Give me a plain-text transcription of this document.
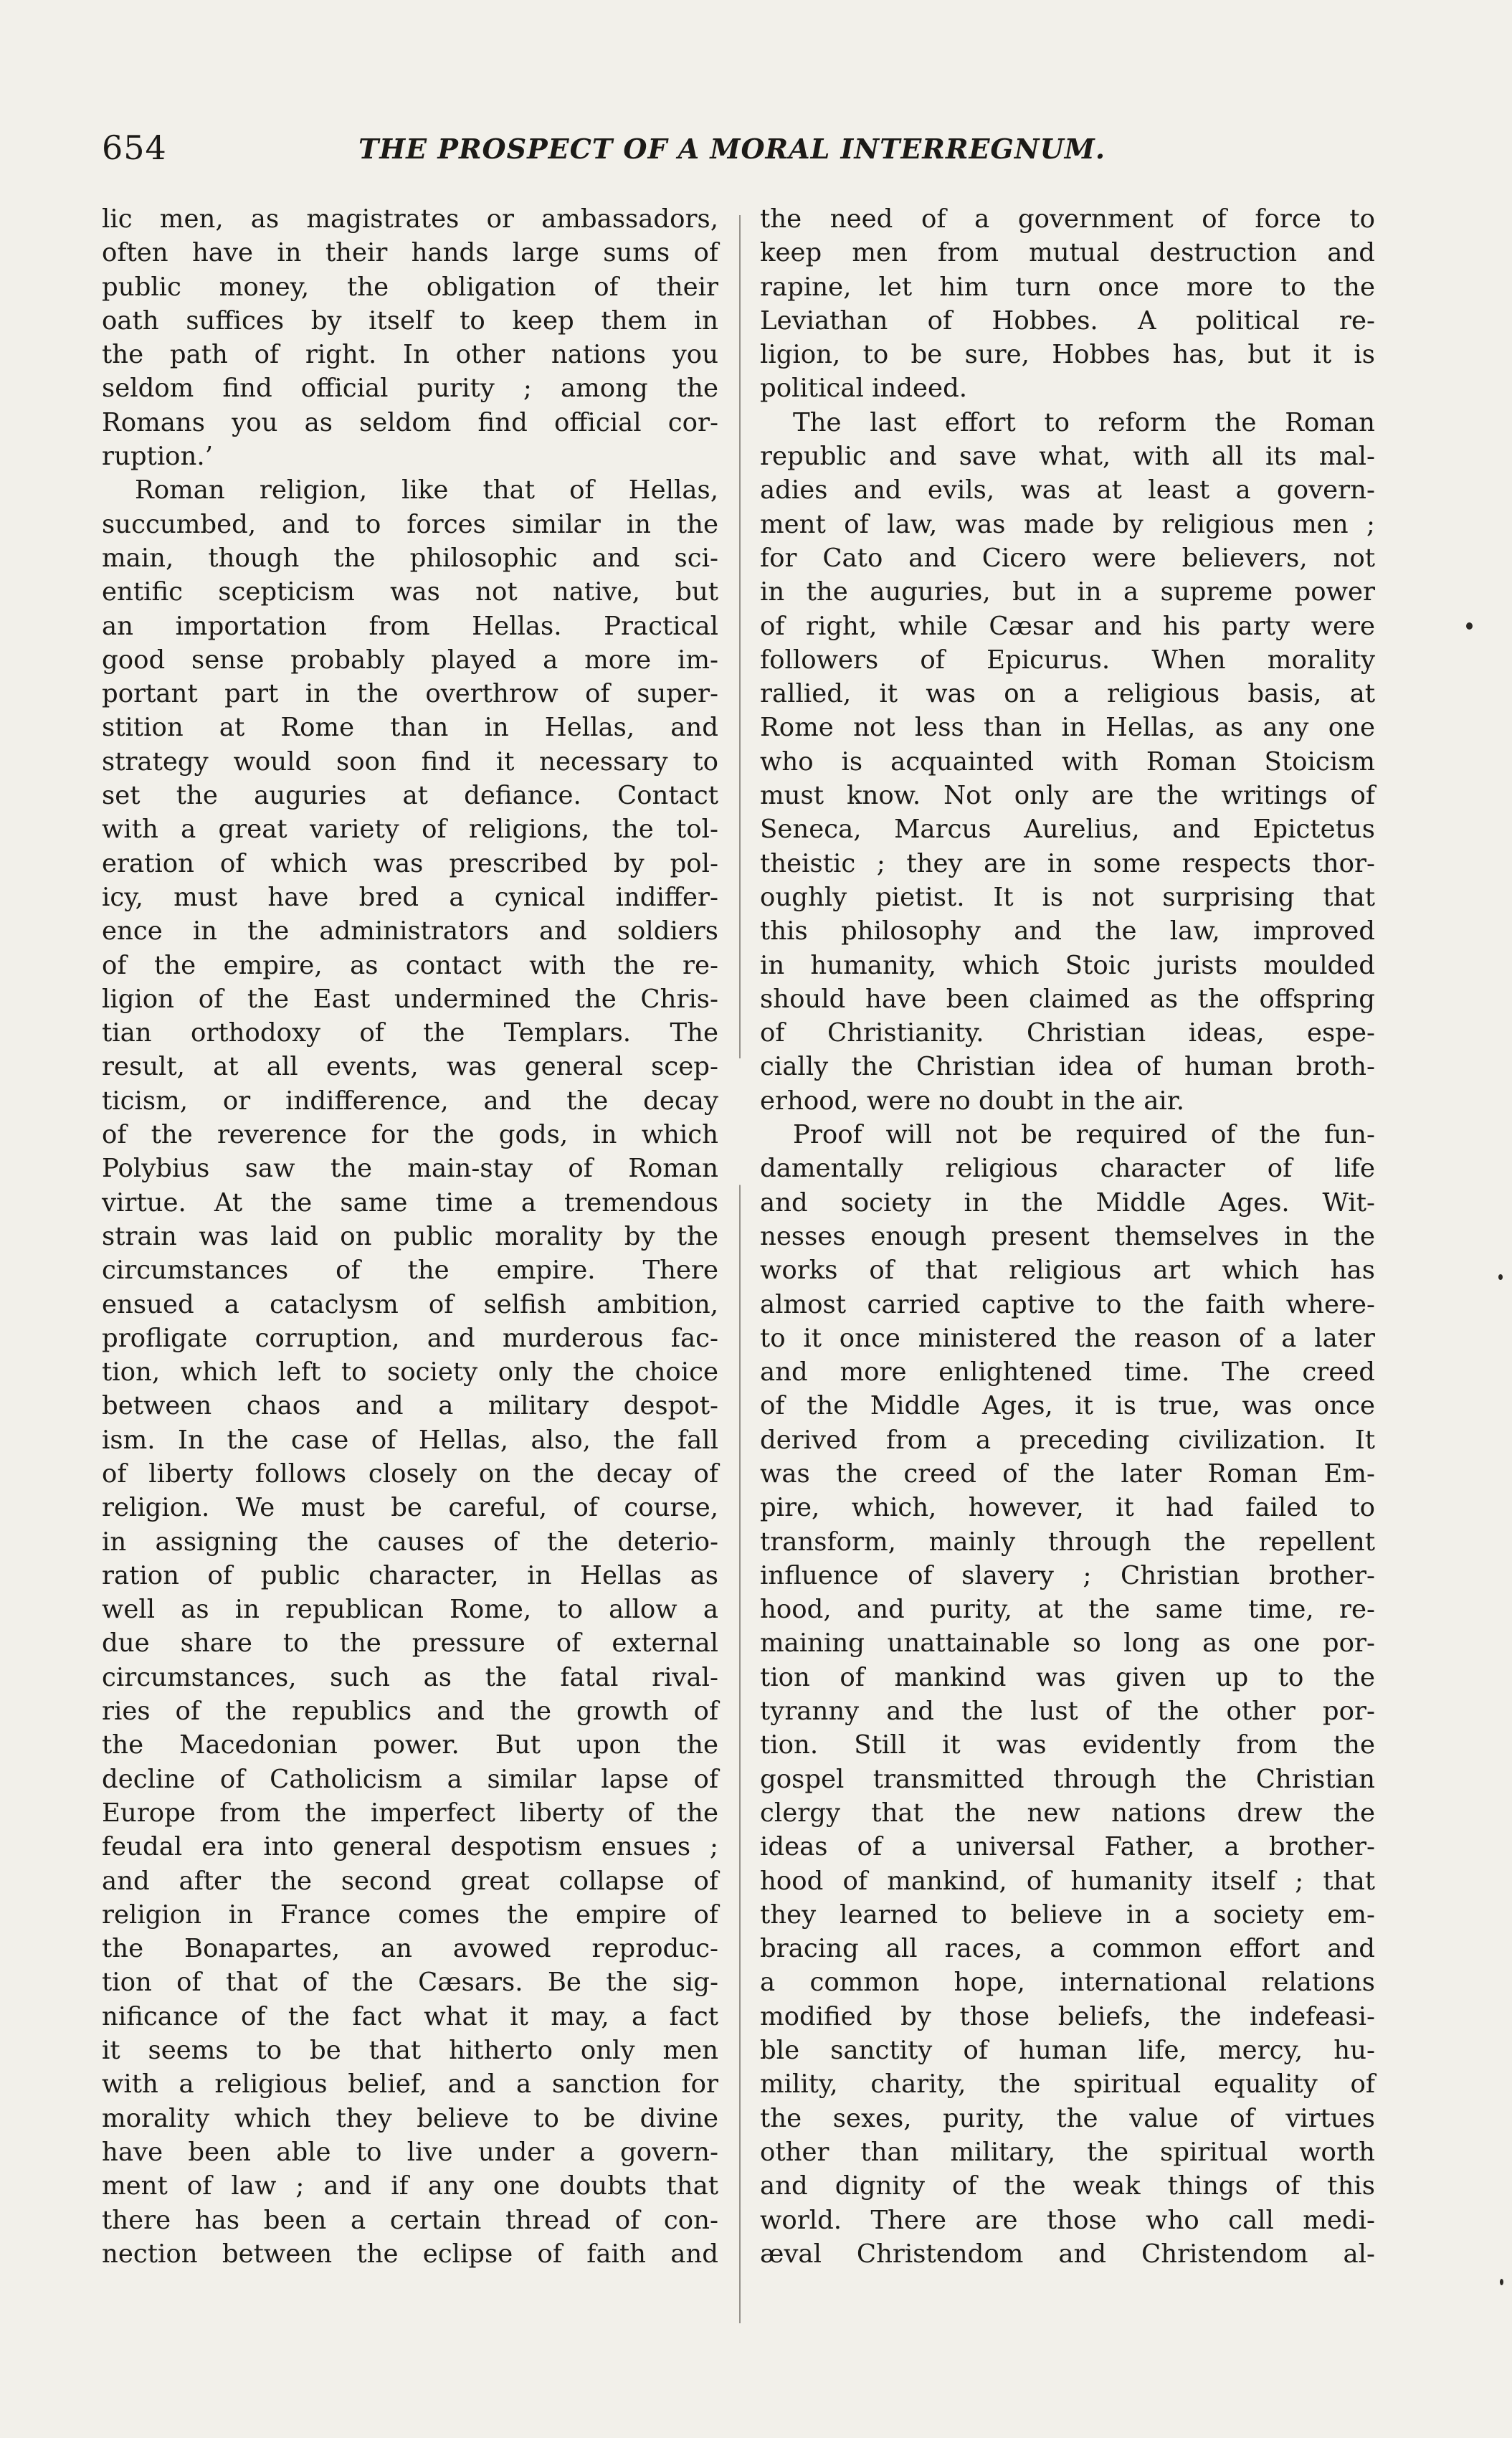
654	THE PROSPECT OF A MORAL INTERREGNUM.
lic men, as magistrates or ambassadors,
often have in their hands large sums of
public money, the obligation of their
oath suffices by itself to keep them in
the path of right. In other nations you
seldom find official purity ; among the
Romans you as seldom find official cor-
ruption.’
Roman religion, like that of Hellas,
succumbed, and to forces similar in the
main, though the philosophic and sci-
entific scepticism was not native, but
an importation from Hellas. Practical
good sense probably played a more im-
portant part in the overthrow of super-
stition at Rome than in Hellas, and
strategy would soon find it necessary to
set the auguries at defiance. Contact
with a great variety of religions, the tol-
eration of which was prescribed by pol-
icy, must have bred a cynical indiffer-
ence in the administrators and soldiers
of the empire, as contact with the re-
ligion of the East undermined the Chris-
tian orthodoxy of the Templars. The
result, at all events, was general scep-
ticism, or indifference, and the decay
of the reverence for the gods, in which
Polybius saw the main-stay of Roman
virtue. At the same time a tremendous
strain was laid on public morality by the
circumstances of the empire. There
ensued a cataclysm of selfish ambition,
profligate corruption, and murderous fac-
tion, which left to society only the choice
between chaos and a military despot-
ism. In the case of Hellas, also, the fall
of liberty follows closely on the decay of
religion. We must be careful, of course,
in assigning the causes of the deterio-
ration of public character, in Hellas as
well as in republican Rome, to allow a
due share to the pressure of external
circumstances, such as the fatal rival-
ries of the republics and the growth of
the Macedonian power. But upon the
decline of Catholicism a similar lapse of
Europe from the imperfect liberty of the
feudal era into general despotism ensues ;
and after the second great collapse of
religion in France comes the empire of
the Bonapartes, an avowed reproduc-
tion of that of the Cæsars. Be the sig-
nificance of the fact what it may, a fact
it seems to be that hitherto only men
with a religious belief, and a sanction for
morality which they believe to be divine
have been able to live under a govern-
ment of law ; and if any one doubts that
there has been a certain thread of con-
nection between the eclipse of faith and
the need of a government of force to
keep men from mutual destruction and
rapine, let him turn once more to the
Leviathan of Hobbes. A political re-
ligion, to be sure, Hobbes has, but it is
political indeed.
The last effort to reform the Roman
republic and save what, with all its mal-
adies and evils, was at least a govern-
ment of law, was made by religious men ;
for Cato and Cicero were believers, not
in the auguries, but in a supreme power
of right, while Cæsar and his party were
followers of Epicurus. When morality
rallied, it was on a religious basis, at
Rome not less than in Hellas, as any one
who is acquainted with Roman Stoicism
must know. Not only are the writings of
Seneca, Marcus Aurelius, and Epictetus
theistic ; they are in some respects thor-
oughly pietist. It is not surprising that
this philosophy and the law, improved
in humanity, which Stoic jurists moulded
should have been claimed as the offspring
of Christianity. Christian ideas, espe-
cially the Christian idea of human broth-
erhood, were no doubt in the air.
Proof will not be required of the fun-
damentally religious character of life
and society in the Middle Ages. Wit-
nesses enough present themselves in the
works of that religious art which has
almost carried captive to the faith where-
to it once ministered the reason of a later
and more enlightened time. The creed
of the Middle Ages, it is true, was once
derived from a preceding civilization. It
was the creed of the later Roman Em-
pire, which, however, it had failed to
transform, mainly through the repellent
influence of slavery ; Christian brother-
hood, and purity, at the same time, re-
maining unattainable so long as one por-
tion of mankind was given up to the
tyranny and the lust of the other por-
tion. Still it was evidently from the
gospel transmitted through the Christian
clergy that the new nations drew the
ideas of a universal Father, a brother-
hood of mankind, of humanity itself ; that
they learned to believe in a society em-
bracing all races, a common effort and
a common hope, international relations
modified by those beliefs, the indefeasi-
ble sanctity of human life, mercy, hu-
mility, charity, the spiritual equality of
the sexes, purity, the value of virtues
other than military, the spiritual worth
and dignity of the weak things of this
world. There are those who call medi-
æval Christendom and Christendom al-
